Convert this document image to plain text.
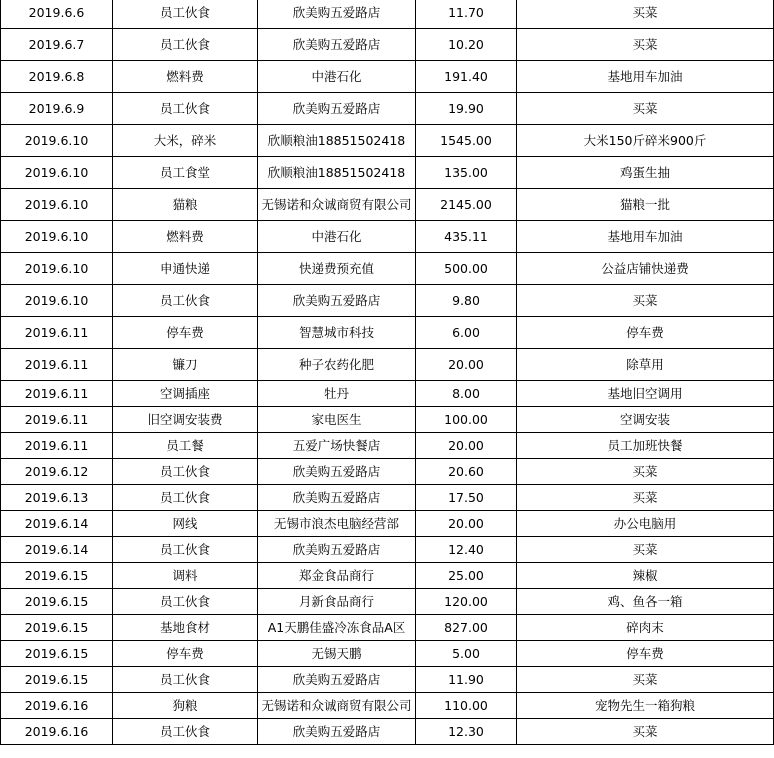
2019.6.6	员工伙食	欣美购五爱路店	11.70	买菜
2019.6.7	员工伙食	欣美购五爱路店	10.20	买菜
2019.6.8	燃料费	中港石化	191.40	基地用车加油
2019.6.9	员工伙食	欣美购五爱路店	19.90	买菜
2019.6.10	大米，碎米	欣顺粮油18851502418	1545.00	大米150斤碎米900斤
2019.6.10	员工食堂	欣顺粮油18851502418	135.00	鸡蛋生抽
2019.6.10	猫粮	无锡诺和众诚商贸有限公司	2145.00	猫粮一批
2019.6.10	燃料费	中港石化	435.11	基地用车加油
2019.6.10	申通快递	快递费预充值	500.00	公益店铺快递费
2019.6.10	员工伙食	欣美购五爱路店	9.80	买菜
2019.6.11	停车费	智慧城市科技	6.00	停车费
2019.6.11	镰刀	种子农药化肥	20.00	除草用
2019.6.11	空调插座	牡丹	8.00	基地旧空调用
2019.6.11	旧空调安装费	家电医生	100.00	空调安装
2019.6.11	员工餐	五爱广场快餐店	20.00	员工加班快餐
2019.6.12	员工伙食	欣美购五爱路店	20.60	买菜
2019.6.13	员工伙食	欣美购五爱路店	17.50	买菜
2019.6.14	网线	无锡市浪杰电脑经营部	20.00	办公电脑用
2019.6.14	员工伙食	欣美购五爱路店	12.40	买菜
2019.6.15	调料	郑金食品商行	25.00	辣椒
2019.6.15	员工伙食	月新食品商行	120.00	鸡、鱼各一箱
2019.6.15	基地食材	A1天鹏佳盛冷冻食品A区	827.00	碎肉末
2019.6.15	停车费	无锡天鹏	5.00	停车费
2019.6.15	员工伙食	欣美购五爱路店	11.90	买菜
2019.6.16	狗粮	无锡诺和众诚商贸有限公司	110.00	宠物先生一箱狗粮
2019.6.16	员工伙食	欣美购五爱路店	12.30	买菜
